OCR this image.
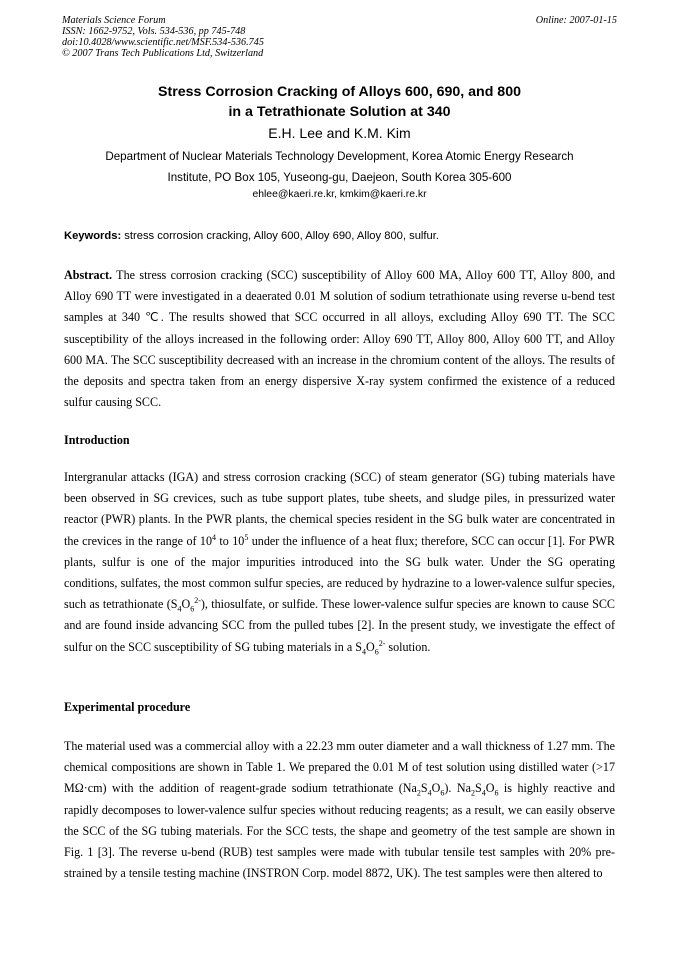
Materials Science Forum
ISSN: 1662-9752, Vols. 534-536, pp 745-748
doi:10.4028/www.scientific.net/MSF.534-536.745
© 2007 Trans Tech Publications Ltd, Switzerland
Online: 2007-01-15
Stress Corrosion Cracking of Alloys 600, 690, and 800
in a Tetrathionate Solution at 340
E.H. Lee and K.M. Kim
Department of Nuclear Materials Technology Development, Korea Atomic Energy Research
Institute, PO Box 105, Yuseong-gu, Daejeon, South Korea 305-600
ehlee@kaeri.re.kr, kmkim@kaeri.re.kr
Keywords: stress corrosion cracking, Alloy 600, Alloy 690, Alloy 800, sulfur.
Abstract. The stress corrosion cracking (SCC) susceptibility of Alloy 600 MA, Alloy 600 TT, Alloy 800, and Alloy 690 TT were investigated in a deaerated 0.01 M solution of sodium tetrathionate using reverse u-bend test samples at 340 ℃. The results showed that SCC occurred in all alloys, excluding Alloy 690 TT. The SCC susceptibility of the alloys increased in the following order: Alloy 690 TT, Alloy 800, Alloy 600 TT, and Alloy 600 MA. The SCC susceptibility decreased with an increase in the chromium content of the alloys. The results of the deposits and spectra taken from an energy dispersive X-ray system confirmed the existence of a reduced sulfur causing SCC.
Introduction
Intergranular attacks (IGA) and stress corrosion cracking (SCC) of steam generator (SG) tubing materials have been observed in SG crevices, such as tube support plates, tube sheets, and sludge piles, in pressurized water reactor (PWR) plants. In the PWR plants, the chemical species resident in the SG bulk water are concentrated in the crevices in the range of $10^4$ to $10^5$ under the influence of a heat flux; therefore, SCC can occur [1]. For PWR plants, sulfur is one of the major impurities introduced into the SG bulk water. Under the SG operating conditions, sulfates, the most common sulfur species, are reduced by hydrazine to a lower-valence sulfur species, such as tetrathionate $(S_4O_6^{2-})$, thiosulfate, or sulfide. These lower-valence sulfur species are known to cause SCC and are found inside advancing SCC from the pulled tubes [2]. In the present study, we investigate the effect of sulfur on the SCC susceptibility of SG tubing materials in a $S_4O_6^{2-}$ solution.
Experimental procedure
The material used was a commercial alloy with a 22.23 mm outer diameter and a wall thickness of 1.27 mm. The chemical compositions are shown in Table 1. We prepared the 0.01 M of test solution using distilled water (>17 MΩ·cm) with the addition of reagent-grade sodium tetrathionate $(Na_2S_4O_6)$. $Na_2S_4O_6$ is highly reactive and rapidly decomposes to lower-valence sulfur species without reducing reagents; as a result, we can easily observe the SCC of the SG tubing materials. For the SCC tests, the shape and geometry of the test sample are shown in Fig. 1 [3]. The reverse u-bend (RUB) test samples were made with tubular tensile test samples with 20% pre-strained by a tensile testing machine (INSTRON Corp. model 8872, UK). The test samples were then altered to
